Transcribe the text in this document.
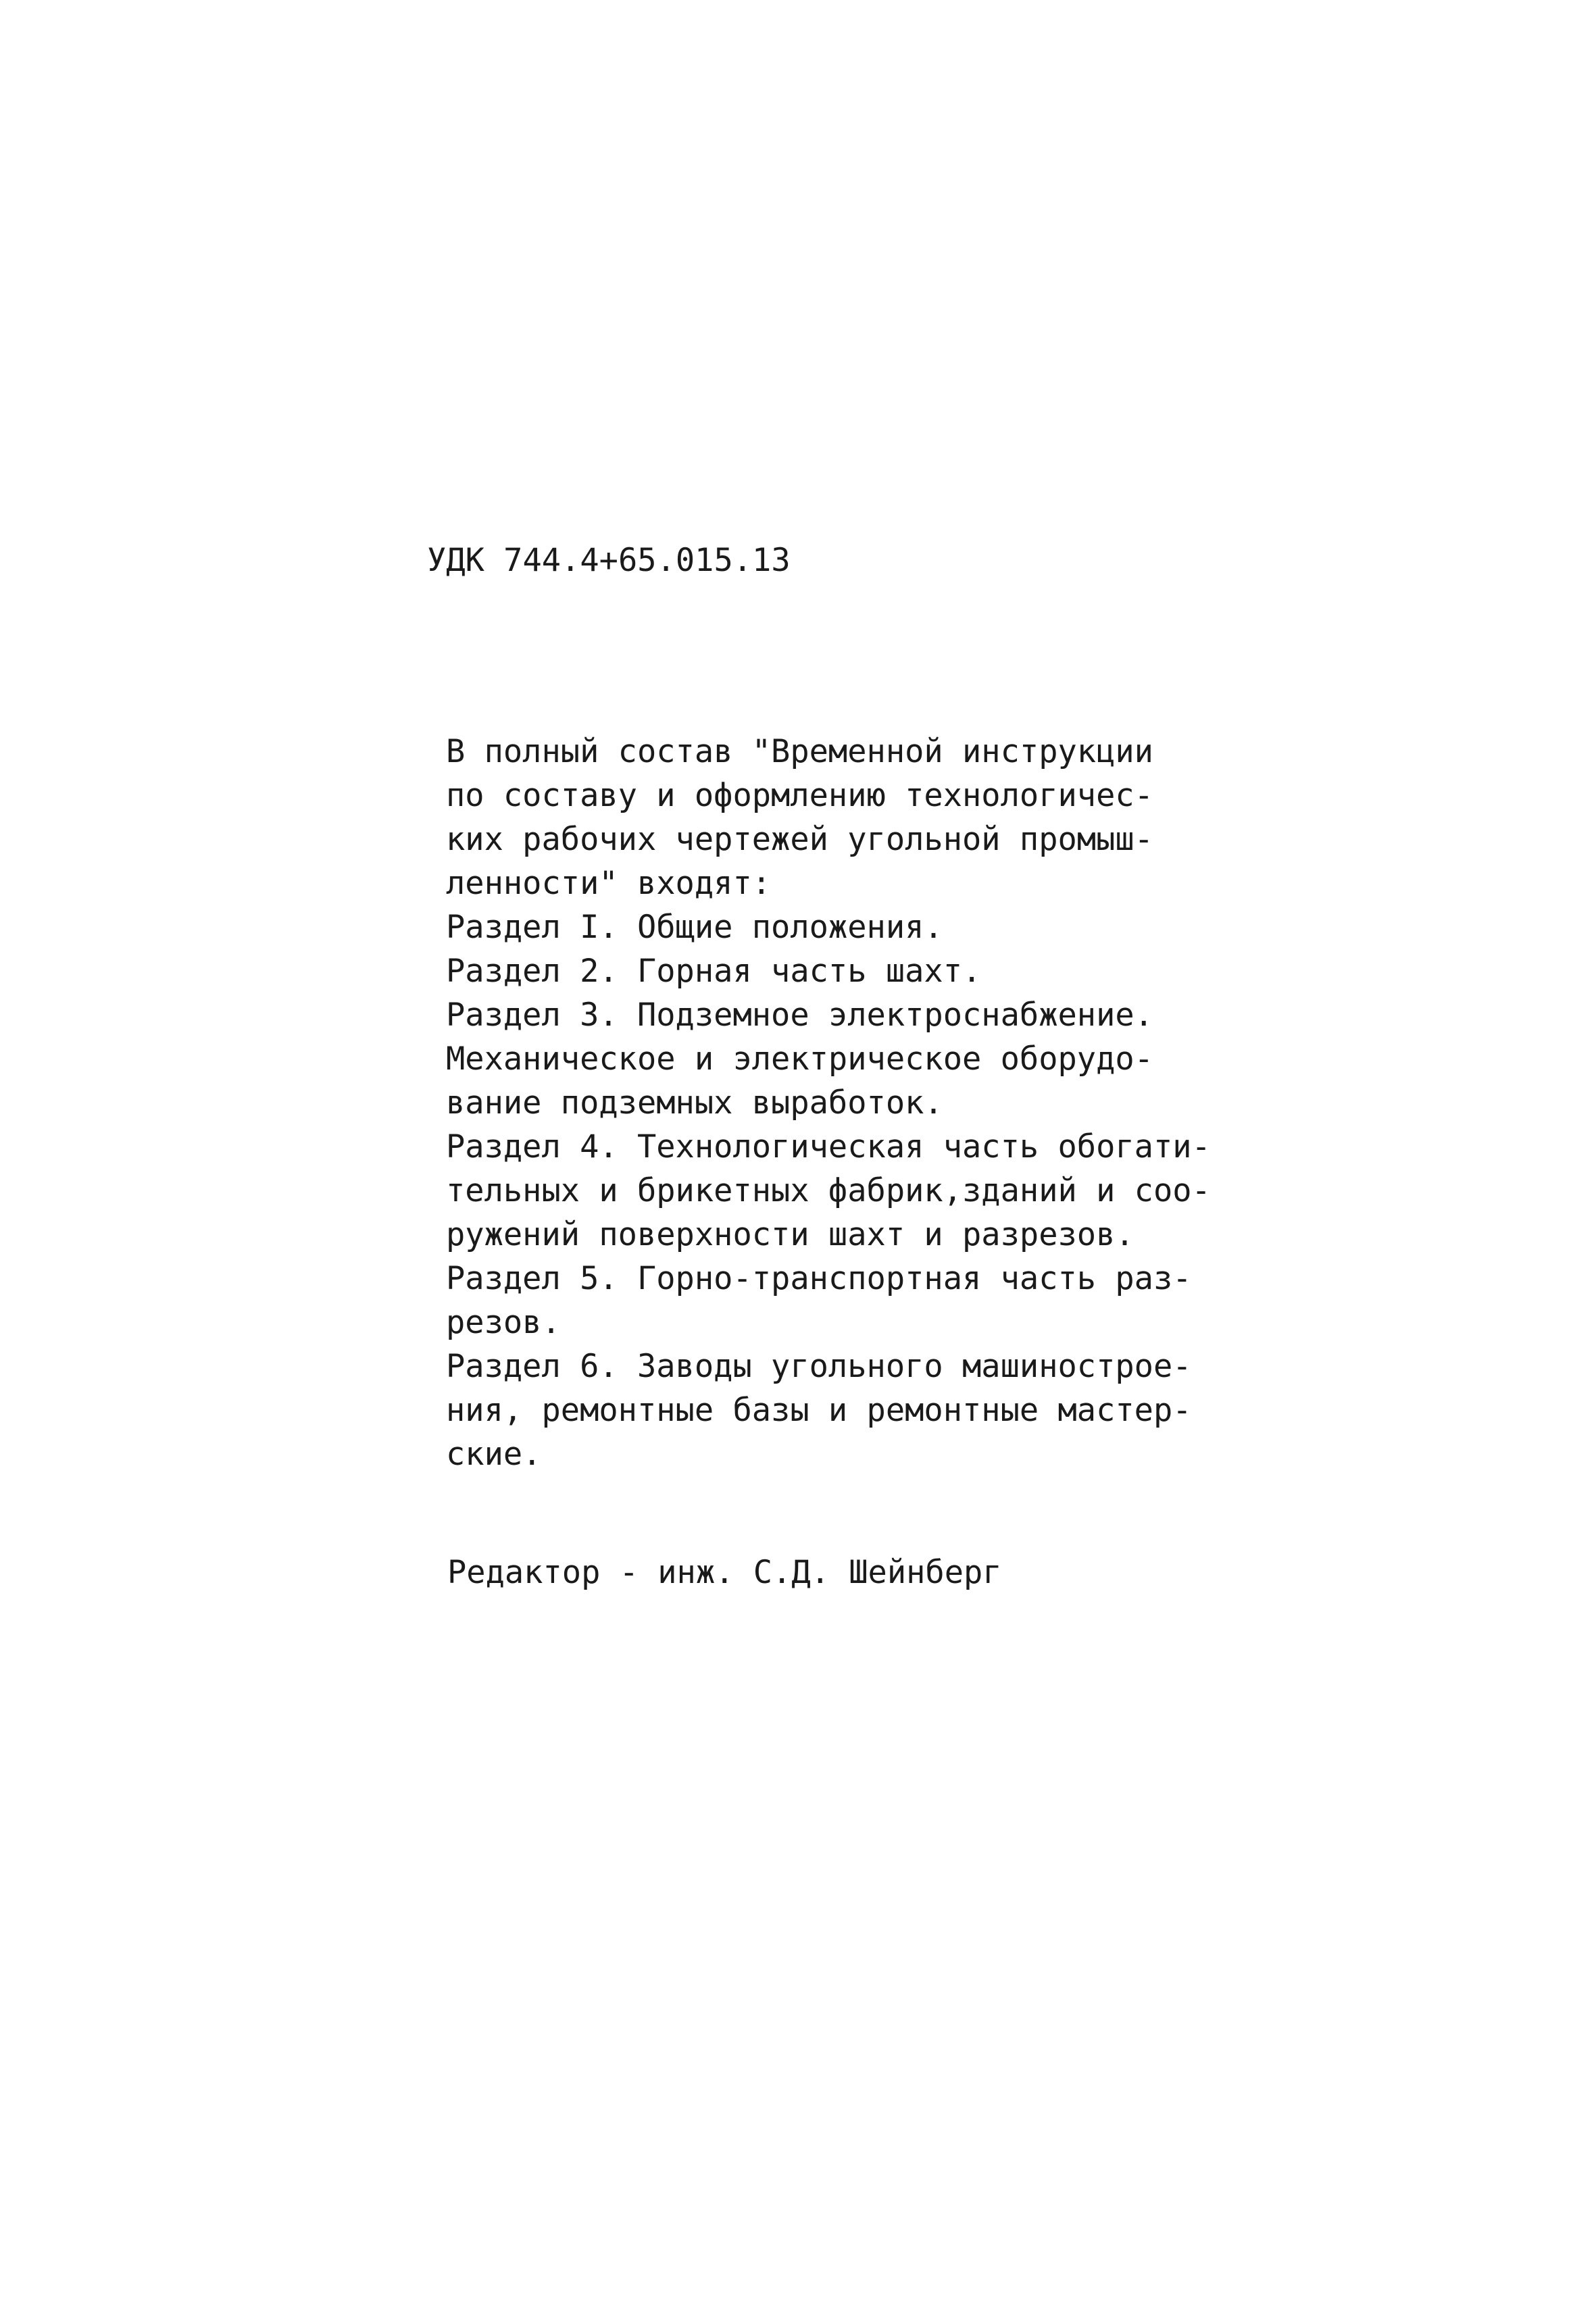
УДК 744.4+65.015.13
В полный состав "Временной инструкции
по составу и оформлению технологичес-
ких рабочих чертежей угольной промыш-
ленности" входят:
Раздел I. Общие положения.
Раздел 2. Горная часть шахт.
Раздел 3. Подземное электроснабжение.
Механическое и электрическое оборудо-
вание подземных выработок.
Раздел 4. Технологическая часть обогати-
тельных и брикетных фабрик,зданий и соо-
ружений поверхности шахт и разрезов.
Раздел 5. Горно-транспортная часть раз-
резов.
Раздел 6. Заводы угольного машинострое-
ния, ремонтные базы и ремонтные мастер-
ские.
Редактор - инж. С.Д. Шейнберг
